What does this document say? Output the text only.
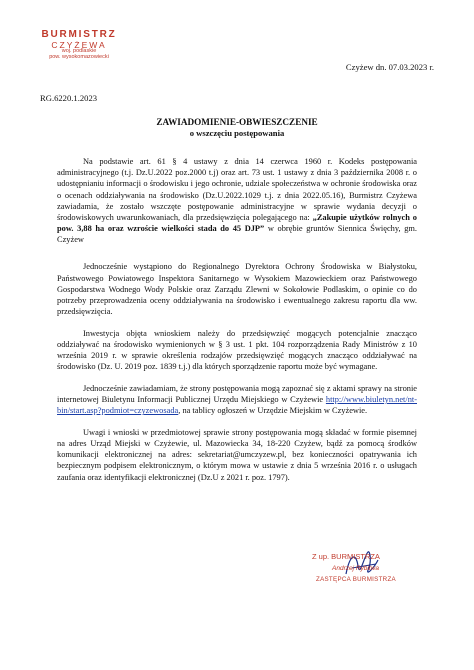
BURMISTRZ
CZYŻEWA
woj. podlaskie
pow. wysokomazowiecki
Czyżew dn. 07.03.2023 r.
RG.6220.1.2023
ZAWIADOMIENIE-OBWIESZCZENIE
o wszczęciu postępowania

Na podstawie art. 61 § 4 ustawy z dnia 14 czerwca 1960 r. Kodeks postępowania administracyjnego (t.j. Dz.U.2022 poz.2000 t.j) oraz art. 73 ust. 1 ustawy z dnia 3 października 2008 r. o udostępnianiu informacji o środowisku i jego ochronie, udziale społeczeństwa w ochronie środowiska oraz o ocenach oddziaływania na środowisko (Dz.U.2022.1029 t.j. z dnia 2022.05.16), Burmistrz Czyżewa zawiadamia, że zostało wszczęte postępowanie administracyjne w sprawie wydania decyzji o środowiskowych uwarunkowaniach, dla przedsięwzięcia polegającego na: „Zakupie użytków rolnych o pow. 3,88 ha oraz wzroście wielkości stada do 45 DJP” w obrębie gruntów Siennica Święchy, gm. Czyżew

Jednocześnie wystąpiono do Regionalnego Dyrektora Ochrony Środowiska w Białystoku, Państwowego Powiatowego Inspektora Sanitarnego w Wysokiem Mazowieckiem oraz Państwowego Gospodarstwa Wodnego Wody Polskie oraz Zarządu Zlewni w Sokołowie Podlaskim, o opinie co do potrzeby przeprowadzenia oceny oddziaływania na środowisko i ewentualnego zakresu raportu dla ww. przedsięwzięcia.

Inwestycja objęta wnioskiem należy do przedsięwzięć mogących potencjalnie znacząco oddziaływać na środowisko wymienionych w § 3 ust. 1 pkt. 104 rozporządzenia Rady Ministrów z 10 września 2019 r. w sprawie określenia rodzajów przedsięwzięć mogących znacząco oddziaływać na środowisko (Dz. U. 2019 poz. 1839 t.j.) dla których sporządzenie raportu może być wymagane.

Jednocześnie zawiadamiam, że strony postępowania mogą zapoznać się z aktami sprawy na stronie internetowej Biuletynu Informacji Publicznej Urzędu Miejskiego w Czyżewie http://www.biuletyn.net/nt-bin/start.asp?podmiot=czyzewosada, na tablicy ogłoszeń w Urzędzie Miejskim w Czyżewie.

Uwagi i wnioski w przedmiotowej sprawie strony postępowania mogą składać w formie pisemnej na adres Urząd Miejski w Czyżewie, ul. Mazowiecka 34, 18-220 Czyżew, bądź za pomocą środków komunikacji elektronicznej na adres: sekretariat@umczyzew.pl, bez konieczności opatrywania ich bezpiecznym podpisem elektronicznym, o którym mowa w ustawie z dnia 5 września 2016 r. o usługach zaufania oraz identyfikacji elektronicznej (Dz.U z 2021 r. poz. 1797).

Z up. BURMISTRZA
Andrzej Rybitwa
ZASTĘPCA BURMISTRZA
